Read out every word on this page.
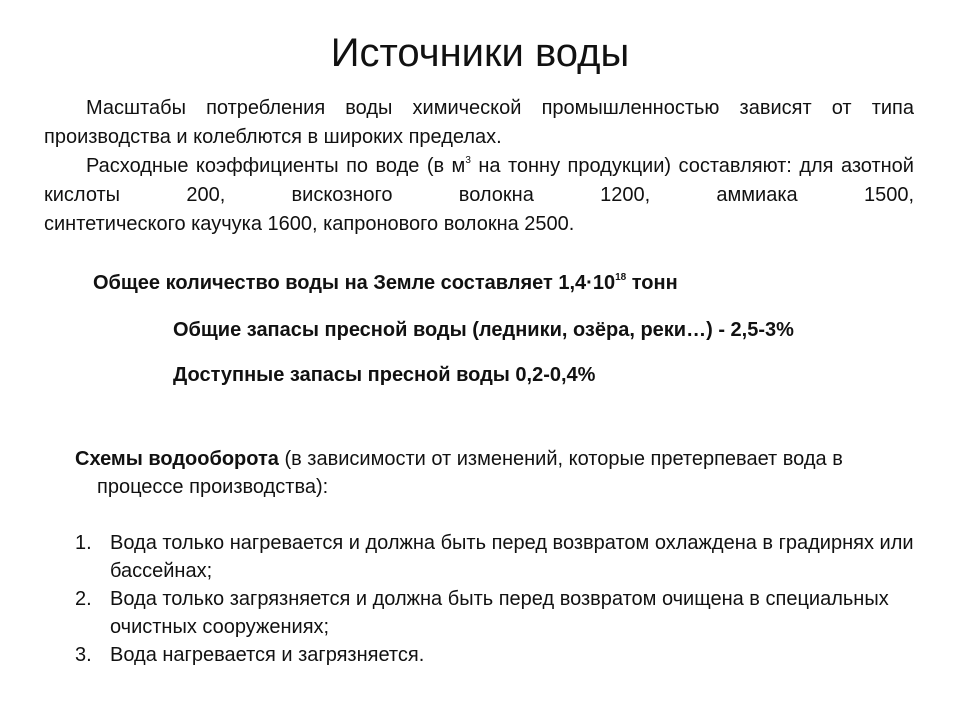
Источники воды

Масштабы потребления воды химической промышленностью зависят от типа производства и колеблются в широких пределах.

Расходные коэффициенты по воде (в $м^3$ на тонну продукции) составляют: для азотной кислоты 200, вискозного волокна 1200, аммиака 1500,

синтетического каучука 1600, капронового волокна 2500.

Общее количество воды на Земле составляет $1,4\cdot 10^{18}$ тонн
Общие запасы пресной воды (ледники, озёра, реки…) - 2,5-3%
Доступные запасы пресной воды 0,2-0,4%
Схемы водооборота (в зависимости от изменений, которые претерпевает вода в процессе производства):
1. Вода только нагревается и должна быть перед возвратом охлаждена в градирнях или бассейнах;
2. Вода только загрязняется и должна быть перед возвратом очищена в специальных очистных сооружениях;
3. Вода нагревается и загрязняется.
